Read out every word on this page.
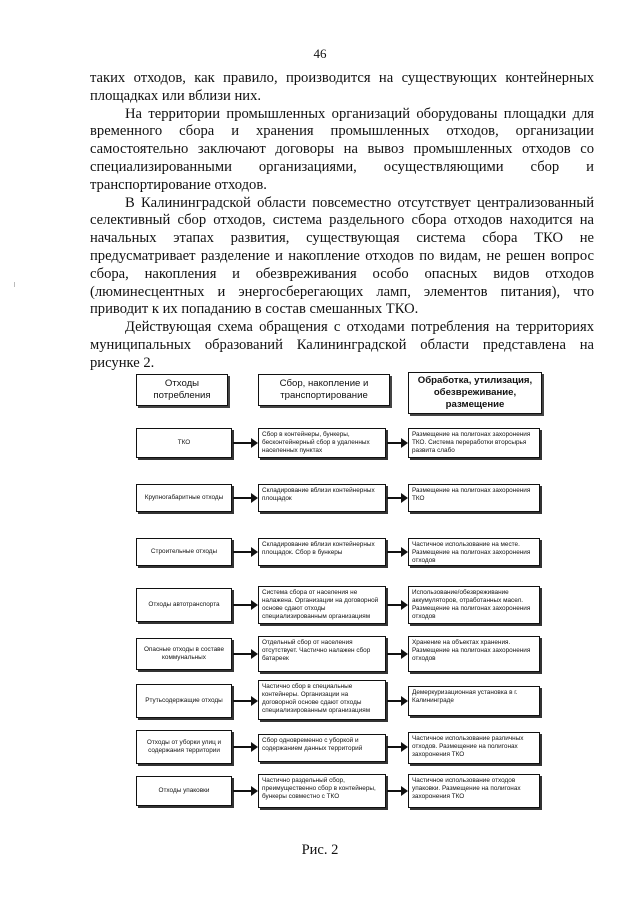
46

таких отходов, как правило, производится на существующих контейнерных площадках или вблизи них.

На территории промышленных организаций оборудованы площадки для временного сбора и хранения промышленных отходов, организации самостоятельно заключают договоры на вывоз промышленных отходов со специализированными организациями, осуществляющими сбор и транспортирование отходов.

В Калининградской области повсеместно отсутствует централизованный селективный сбор отходов, система раздельного сбора отходов находится на начальных этапах развития, существующая система сбора ТКО не предусматривает разделение и накопление отходов по видам, не решен вопрос сбора, накопления и обезвреживания особо опасных видов отходов (люминесцентных и энергосберегающих ламп, элементов питания), что приводит к их попаданию в состав смешанных ТКО.

Действующая схема обращения с отходами потребления на территориях муниципальных образований Калининградской области представлена на рисунке 2.

Отходы потребления
Сбор, накопление и транспортирование
Обработка, утилизация, обезвреживание, размещение
ТКО
Сбор в контейнеры, бункеры, бесконтейнерный сбор в удаленных населенных пунктах
Размещение на полигонах захоронения ТКО. Система переработки вторсырья развита слабо
Крупногабаритные отходы
Складирование вблизи контейнерных площадок
Размещение на полигонах захоронения ТКО
Строительные отходы
Складирование вблизи контейнерных площадок. Сбор в бункеры
Частичное использование на месте. Размещение на полигонах захоронения отходов
Отходы автотранспорта
Система сбора от населения не налажена. Организации на договорной основе сдают отходы специализированным организациям
Использование/обезвреживание аккумуляторов, отработанных масел. Размещение на полигонах захоронения отходов
Опасные отходы в составе коммунальных
Отдельный сбор от населения отсутствует. Частично налажен сбор батареек
Хранение на объектах хранения. Размещение на полигонах захоронения отходов
Ртутьсодержащие отходы
Частично сбор в специальные контейнеры. Организации на договорной основе сдают отходы специализированным организациям
Демеркуризационная установка в г. Калининграде
Отходы от уборки улиц и содержания территории
Сбор одновременно с уборкой и содержанием данных территорий
Частичное использование различных отходов. Размещение на полигонах захоронения ТКО
Отходы упаковки
Частично раздельный сбор, преимущественно сбор в контейнеры, бункеры совместно с ТКО
Частичное использование отходов упаковки. Размещение на полигонах захоронения ТКО
Рис. 2
